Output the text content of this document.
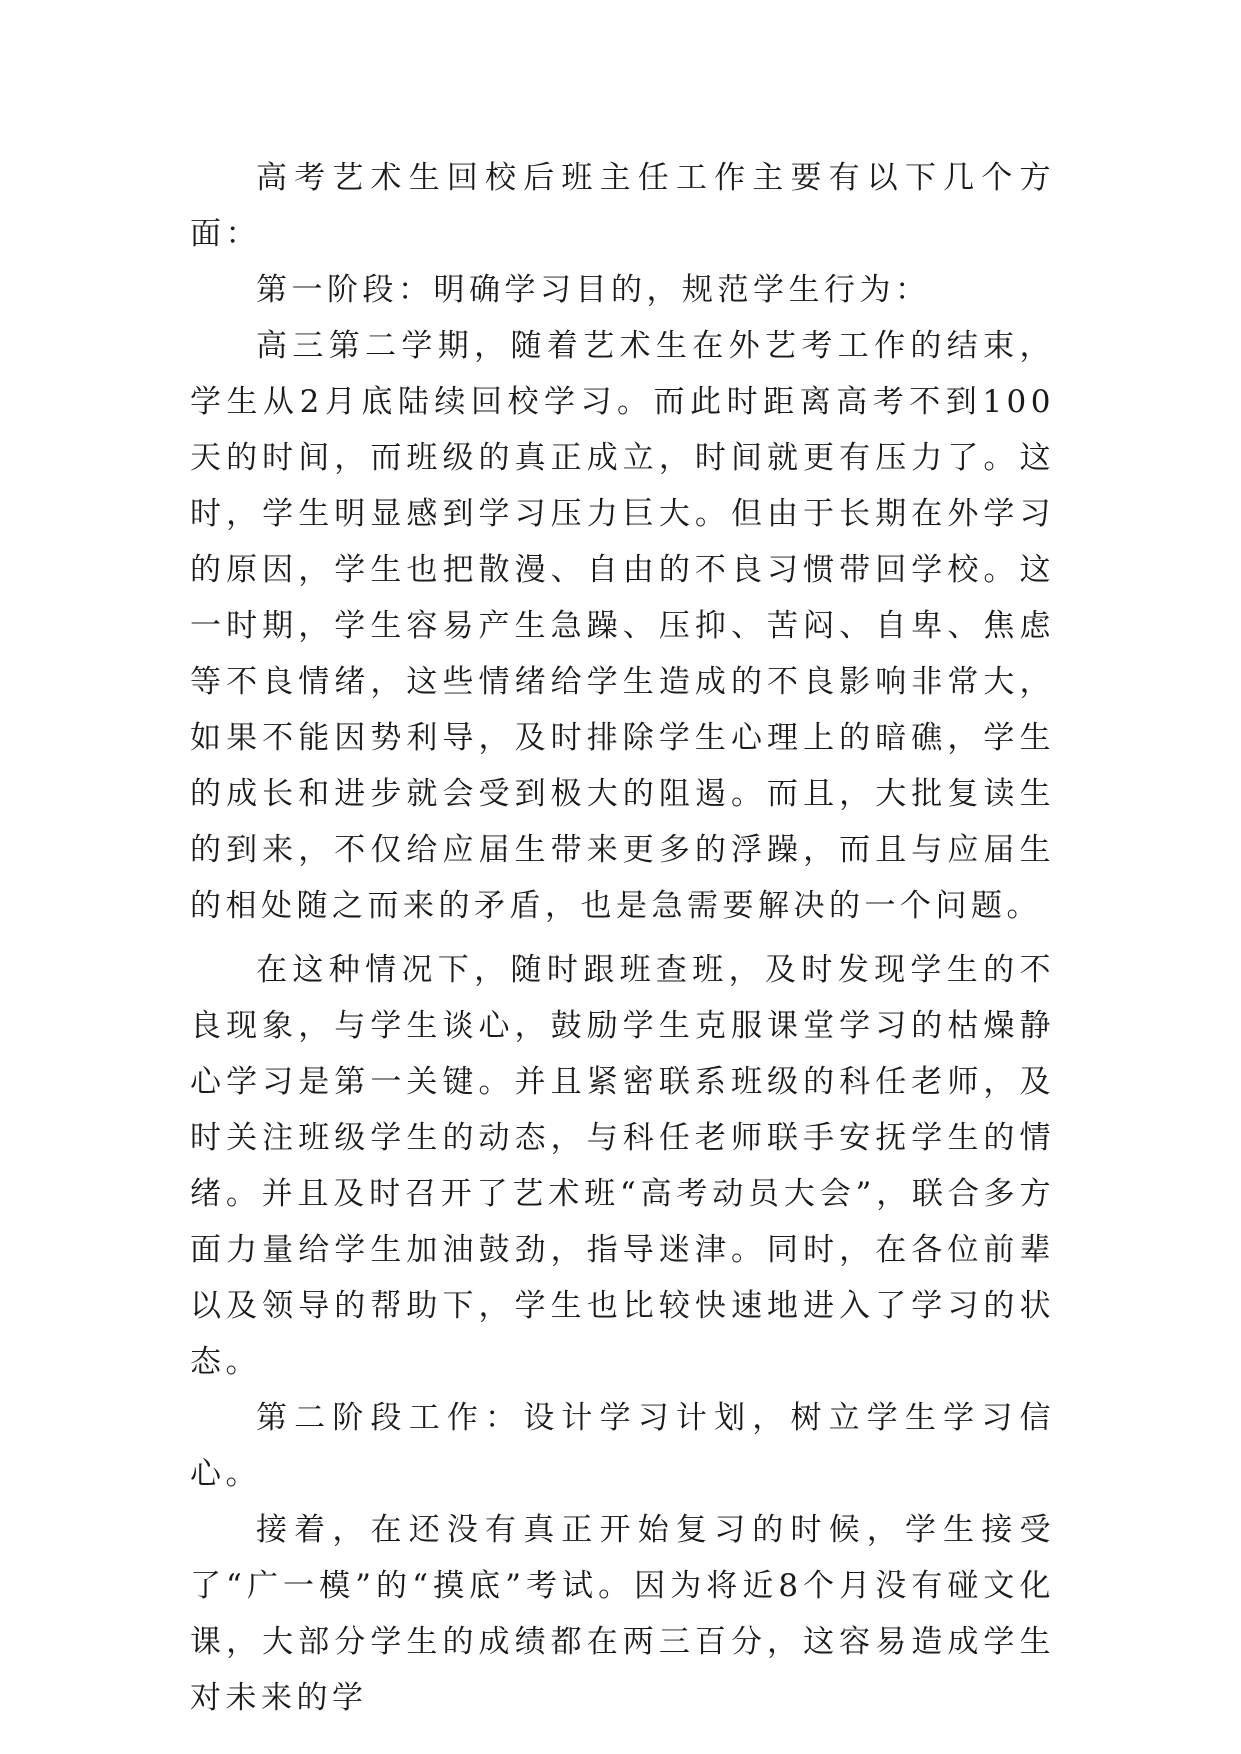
高考艺术生回校后班主任工作主要有以下几个方面：

第一阶段：明确学习目的，规范学生行为：

高三第二学期，随着艺术生在外艺考工作的结束，学生从2月底陆续回校学习。而此时距离高考不到100天的时间，而班级的真正成立，时间就更有压力了。这时，学生明显感到学习压力巨大。但由于长期在外学习的原因，学生也把散漫、自由的不良习惯带回学校。这一时期，学生容易产生急躁、压抑、苦闷、自卑、焦虑等不良情绪，这些情绪给学生造成的不良影响非常大，如果不能因势利导，及时排除学生心理上的暗礁，学生的成长和进步就会受到极大的阻遏。而且，大批复读生的到来，不仅给应届生带来更多的浮躁，而且与应届生的相处随之而来的矛盾，也是急需要解决的一个问题。

在这种情况下，随时跟班查班，及时发现学生的不良现象，与学生谈心，鼓励学生克服课堂学习的枯燥静心学习是第一关键。并且紧密联系班级的科任老师，及时关注班级学生的动态，与科任老师联手安抚学生的情绪。并且及时召开了艺术班“高考动员大会”，联合多方面力量给学生加油鼓劲，指导迷津。同时，在各位前辈以及领导的帮助下，学生也比较快速地进入了学习的状态。

第二阶段工作：设计学习计划，树立学生学习信心。

接着，在还没有真正开始复习的时候，学生接受了“广一模”的“摸底”考试。因为将近8个月没有碰文化课，大部分学生的成绩都在两三百分，这容易造成学生对未来的学
